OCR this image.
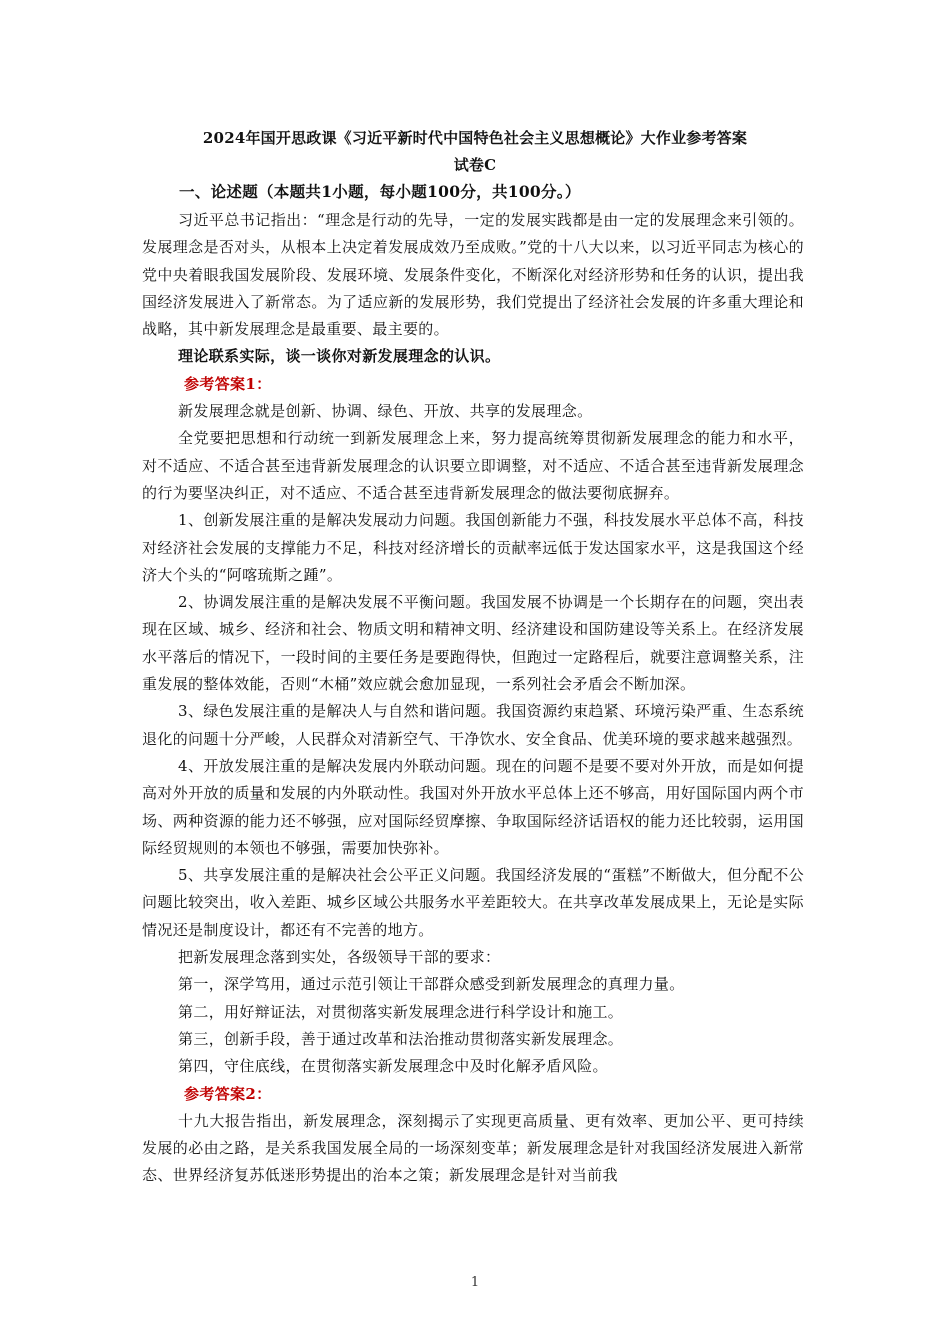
2024年国开思政课《习近平新时代中国特色社会主义思想概论》大作业参考答案
试卷C
一、论述题（本题共1小题，每小题100分，共100分。）

习近平总书记指出：“理念是行动的先导，一定的发展实践都是由一定的发展理念来引领的。发展理念是否对头，从根本上决定着发展成效乃至成败。”党的十八大以来，以习近平同志为核心的党中央着眼我国发展阶段、发展环境、发展条件变化，不断深化对经济形势和任务的认识，提出我国经济发展进入了新常态。为了适应新的发展形势，我们党提出了经济社会发展的许多重大理论和战略，其中新发展理念是最重要、最主要的。

理论联系实际，谈一谈你对新发展理念的认识。

参考答案1：

新发展理念就是创新、协调、绿色、开放、共享的发展理念。

全党要把思想和行动统一到新发展理念上来，努力提高统筹贯彻新发展理念的能力和水平，对不适应、不适合甚至违背新发展理念的认识要立即调整，对不适应、不适合甚至违背新发展理念的行为要坚决纠正，对不适应、不适合甚至违背新发展理念的做法要彻底摒弃。

1、创新发展注重的是解决发展动力问题。我国创新能力不强，科技发展水平总体不高，科技对经济社会发展的支撑能力不足，科技对经济增长的贡献率远低于发达国家水平，这是我国这个经济大个头的“阿喀琉斯之踵”。

2、协调发展注重的是解决发展不平衡问题。我国发展不协调是一个长期存在的问题，突出表现在区域、城乡、经济和社会、物质文明和精神文明、经济建设和国防建设等关系上。在经济发展水平落后的情况下，一段时间的主要任务是要跑得快，但跑过一定路程后，就要注意调整关系，注重发展的整体效能，否则“木桶”效应就会愈加显现，一系列社会矛盾会不断加深。

3、绿色发展注重的是解决人与自然和谐问题。我国资源约束趋紧、环境污染严重、生态系统退化的问题十分严峻，人民群众对清新空气、干净饮水、安全食品、优美环境的要求越来越强烈。

4、开放发展注重的是解决发展内外联动问题。现在的问题不是要不要对外开放，而是如何提高对外开放的质量和发展的内外联动性。我国对外开放水平总体上还不够高，用好国际国内两个市场、两种资源的能力还不够强，应对国际经贸摩擦、争取国际经济话语权的能力还比较弱，运用国际经贸规则的本领也不够强，需要加快弥补。

5、共享发展注重的是解决社会公平正义问题。我国经济发展的“蛋糕”不断做大，但分配不公问题比较突出，收入差距、城乡区域公共服务水平差距较大。在共享改革发展成果上，无论是实际情况还是制度设计，都还有不完善的地方。

把新发展理念落到实处，各级领导干部的要求：

第一，深学笃用，通过示范引领让干部群众感受到新发展理念的真理力量。

第二，用好辩证法，对贯彻落实新发展理念进行科学设计和施工。

第三，创新手段，善于通过改革和法治推动贯彻落实新发展理念。

第四，守住底线，在贯彻落实新发展理念中及时化解矛盾风险。

参考答案2：

十九大报告指出，新发展理念，深刻揭示了实现更高质量、更有效率、更加公平、更可持续发展的必由之路，是关系我国发展全局的一场深刻变革；新发展理念是针对我国经济发展进入新常态、世界经济复苏低迷形势提出的治本之策；新发展理念是针对当前我

1
